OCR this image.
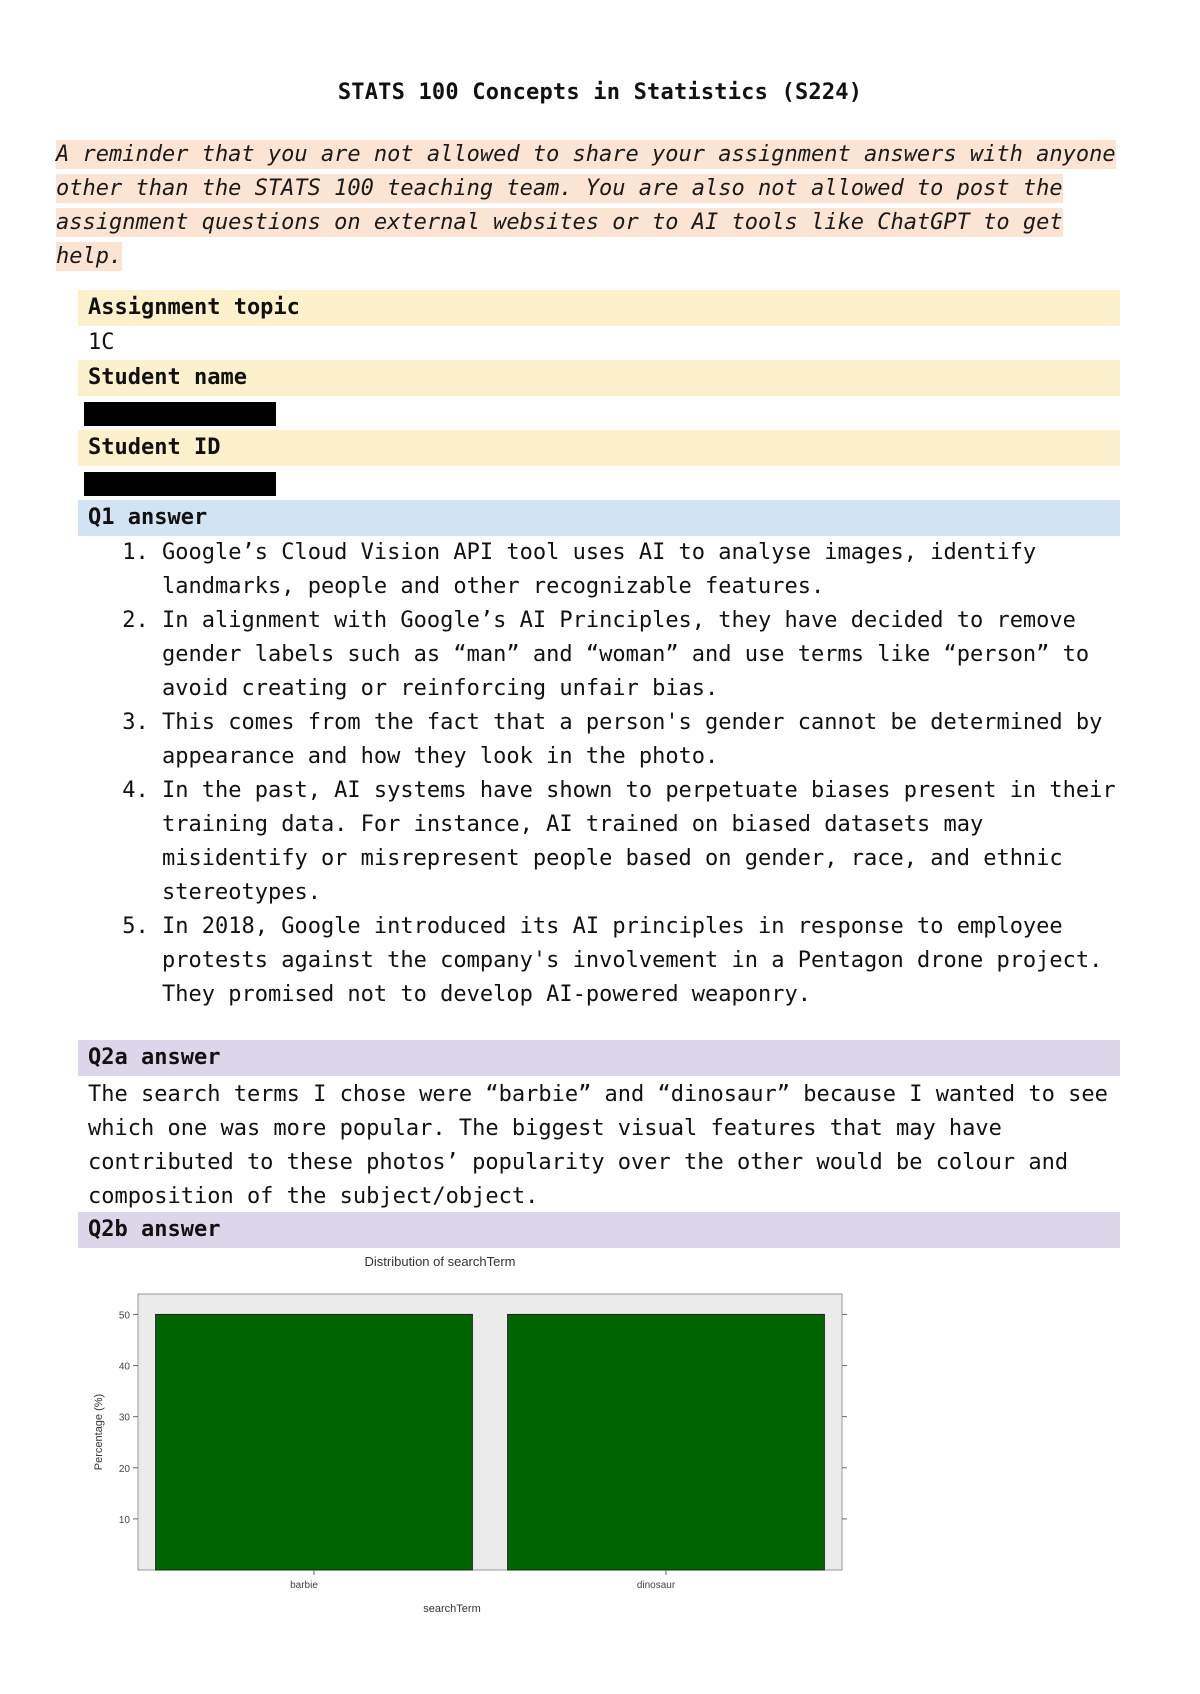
STATS 100 Concepts in Statistics (S224)
A reminder that you are not allowed to share your assignment answers with anyone other than the STATS 100 teaching team. You are also not allowed to post the assignment questions on external websites or to AI tools like ChatGPT to get help.
Assignment topic
1C
Student name
Student ID
Q1 answer
1. Google’s Cloud Vision API tool uses AI to analyse images, identify landmarks, people and other recognizable features.
2. In alignment with Google’s AI Principles, they have decided to remove gender labels such as “man” and “woman” and use terms like “person” to avoid creating or reinforcing unfair bias.
3. This comes from the fact that a person's gender cannot be determined by appearance and how they look in the photo.
4. In the past, AI systems have shown to perpetuate biases present in their training data. For instance, AI trained on biased datasets may misidentify or misrepresent people based on gender, race, and ethnic stereotypes.
5. In 2018, Google introduced its AI principles in response to employee protests against the company's involvement in a Pentagon drone project. They promised not to develop AI-powered weaponry.
Q2a answer
The search terms I chose were “barbie” and “dinosaur” because I wanted to see which one was more popular. The biggest visual features that may have contributed to these photos’ popularity over the other would be colour and composition of the subject/object.
Q2b answer
Distribution of searchTerm
10
20
30
40
50
barbie	dinosaur
searchTerm
Percentage (%)
